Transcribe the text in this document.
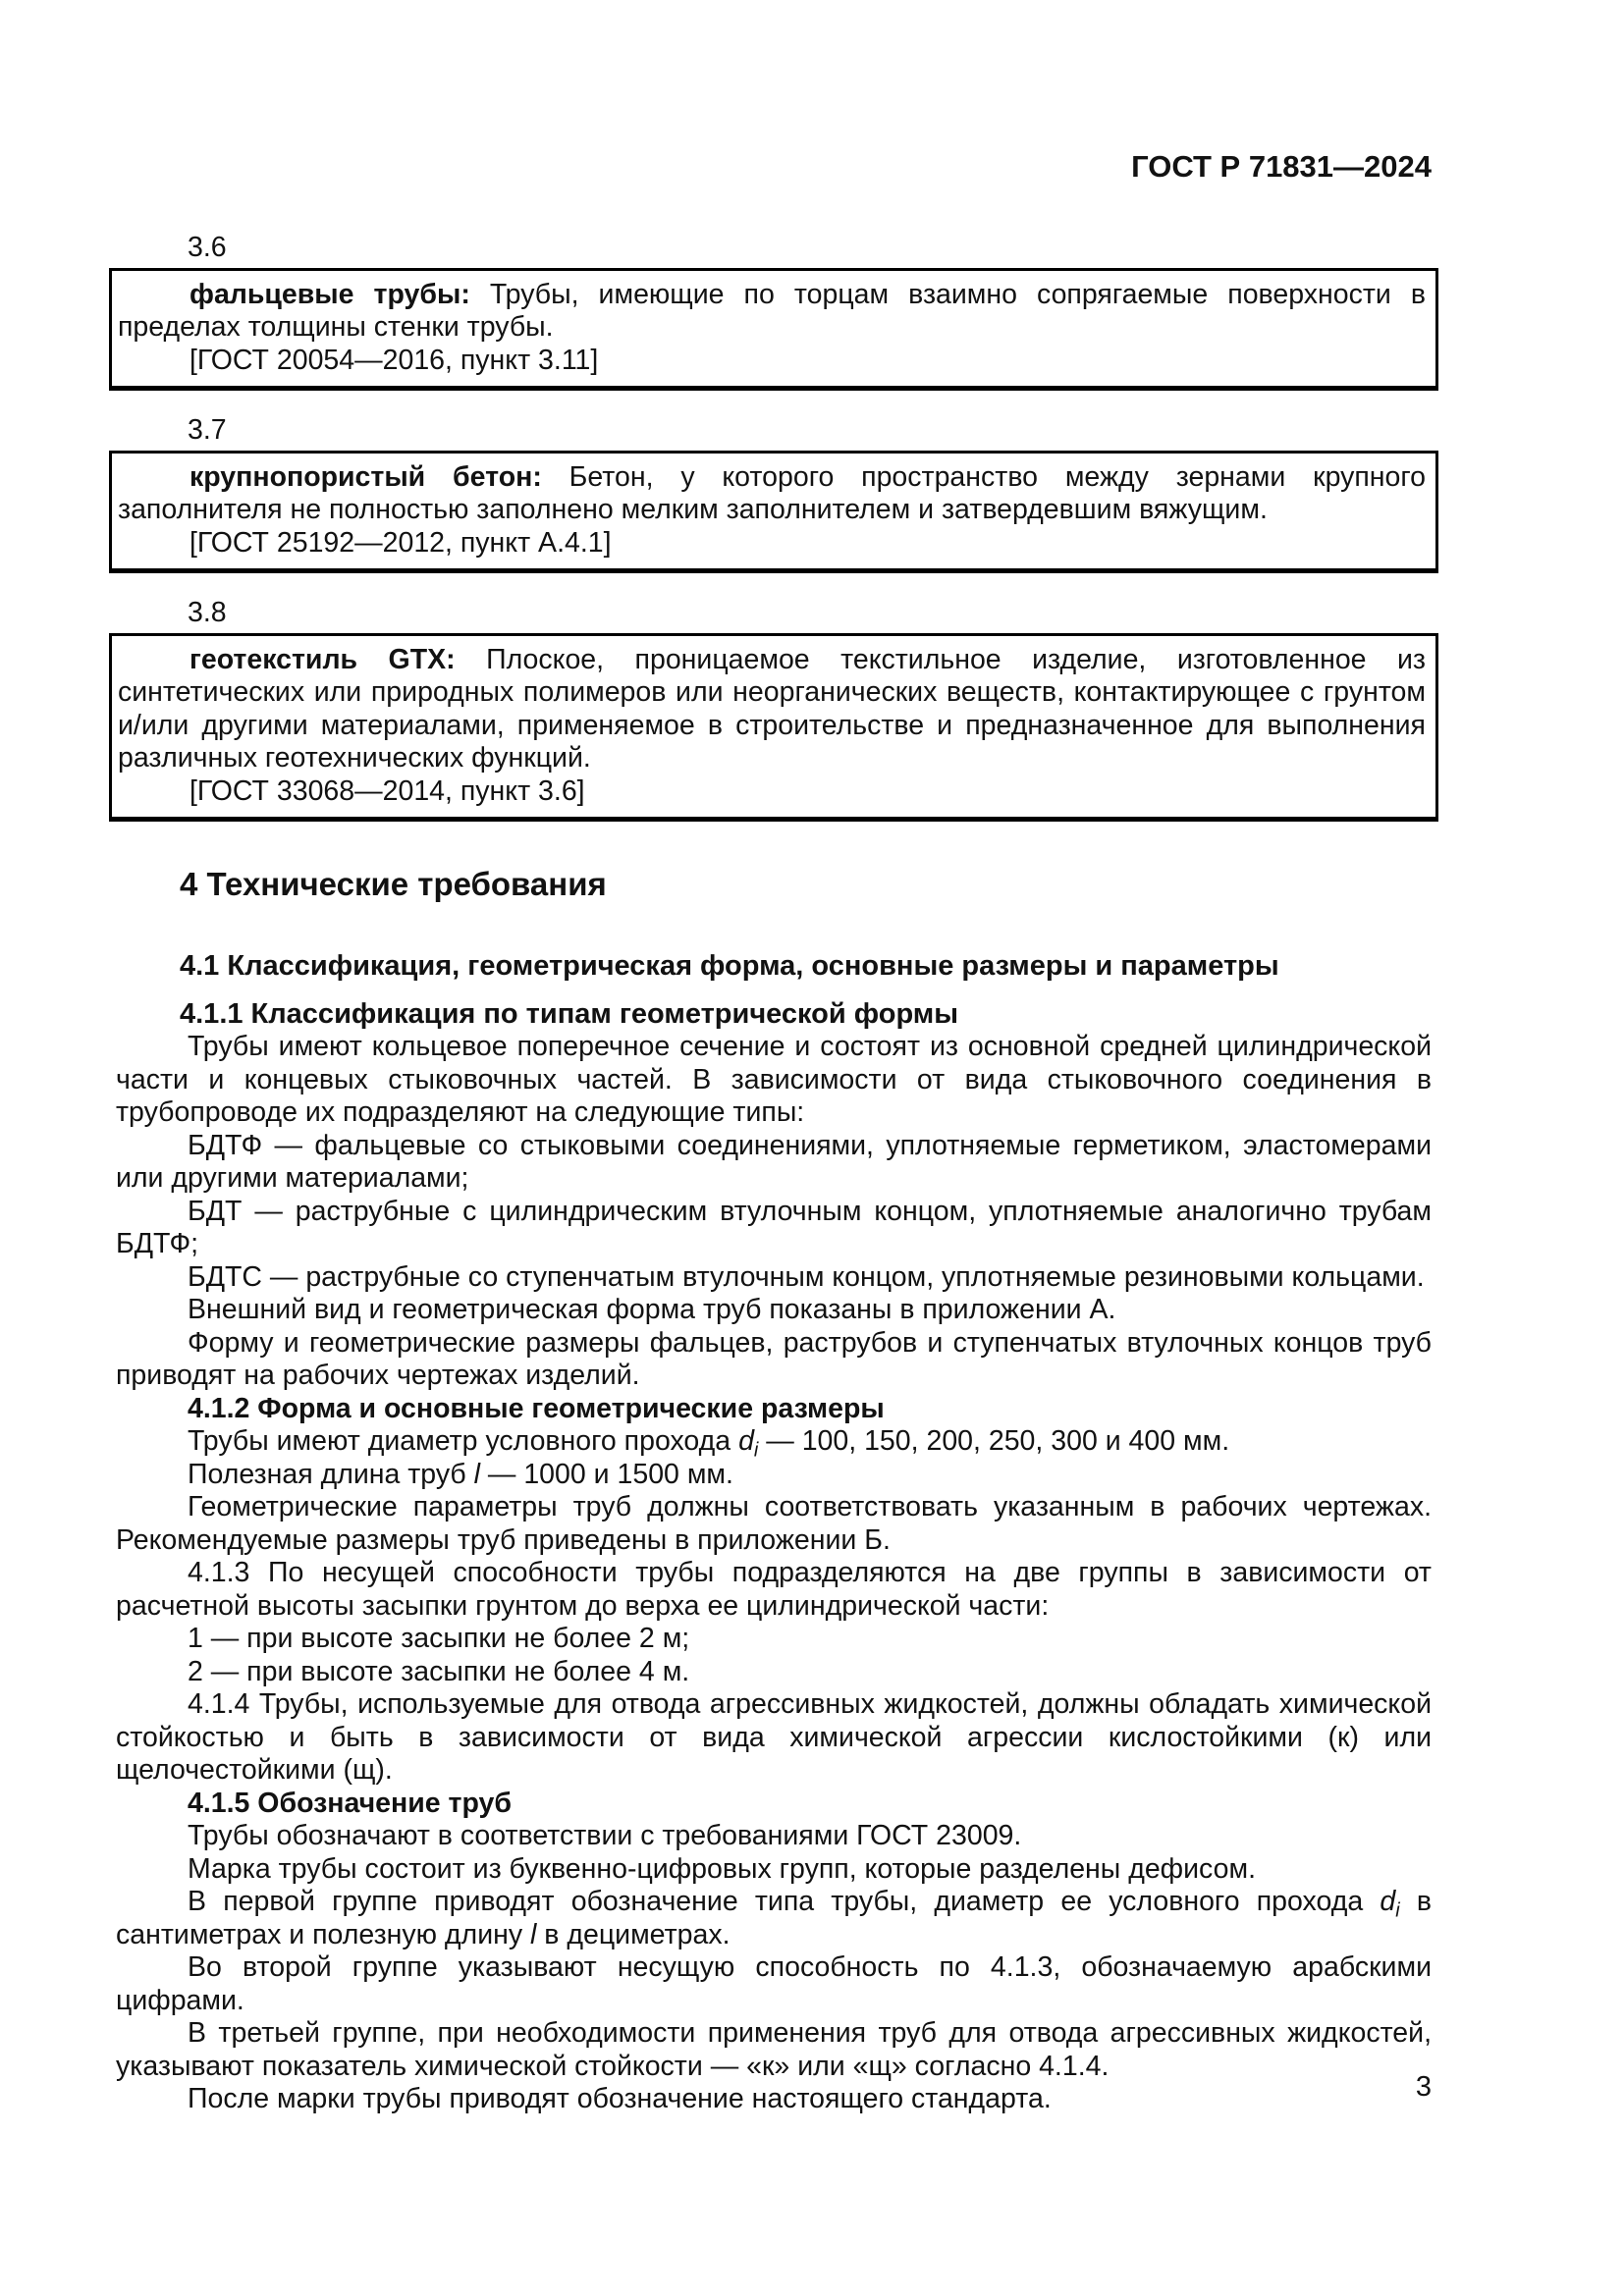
ГОСТ Р 71831—2024

3.6

фальцевые трубы: Трубы, имеющие по торцам взаимно сопрягаемые поверхности в пределах толщины стенки трубы.

[ГОСТ 20054—2016, пункт 3.11]

3.7

крупнопористый бетон: Бетон, у которого пространство между зернами крупного заполнителя не полностью заполнено мелким заполнителем и затвердевшим вяжущим.

[ГОСТ 25192—2012, пункт А.4.1]

3.8

геотекстиль GTX: Плоское, проницаемое текстильное изделие, изготовленное из синтетических или природных полимеров или неорганических веществ, контактирующее с грунтом и/или другими материалами, применяемое в строительстве и предназначенное для выполнения различных геотехнических функций.

[ГОСТ 33068—2014, пункт 3.6]

4 Технические требования
4.1 Классификация, геометрическая форма, основные размеры и параметры
4.1.1 Классификация по типам геометрической формы

Трубы имеют кольцевое поперечное сечение и состоят из основной средней цилиндрической части и концевых стыковочных частей. В зависимости от вида стыковочного соединения в трубопроводе их подразделяют на следующие типы:

БДТФ — фальцевые со стыковыми соединениями, уплотняемые герметиком, эластомерами или другими материалами;

БДТ — раструбные с цилиндрическим втулочным концом, уплотняемые аналогично трубам БДТФ;

БДТС — раструбные со ступенчатым втулочным концом, уплотняемые резиновыми кольцами.

Внешний вид и геометрическая форма труб показаны в приложении А.

Форму и геометрические размеры фальцев, раструбов и ступенчатых втулочных концов труб приводят на рабочих чертежах изделий.

4.1.2 Форма и основные геометрические размеры

Трубы имеют диаметр условного прохода $d_i$ — 100, 150, 200, 250, 300 и 400 мм.

Полезная длина труб l — 1000 и 1500 мм.

Геометрические параметры труб должны соответствовать указанным в рабочих чертежах. Рекомендуемые размеры труб приведены в приложении Б.

4.1.3 По несущей способности трубы подразделяются на две группы в зависимости от расчетной высоты засыпки грунтом до верха ее цилиндрической части:

1 — при высоте засыпки не более 2 м;

2 — при высоте засыпки не более 4 м.

4.1.4 Трубы, используемые для отвода агрессивных жидкостей, должны обладать химической стойкостью и быть в зависимости от вида химической агрессии кислостойкими (к) или щелочестойкими (щ).

4.1.5 Обозначение труб

Трубы обозначают в соответствии с требованиями ГОСТ 23009.

Марка трубы состоит из буквенно-цифровых групп, которые разделены дефисом.

В первой группе приводят обозначение типа трубы, диаметр ее условного прохода $d_i$ в сантиметрах и полезную длину l в дециметрах.

Во второй группе указывают несущую способность по 4.1.3, обозначаемую арабскими цифрами.

В третьей группе, при необходимости применения труб для отвода агрессивных жидкостей, указывают показатель химической стойкости — «к» или «щ» согласно 4.1.4.

После марки трубы приводят обозначение настоящего стандарта.	3
